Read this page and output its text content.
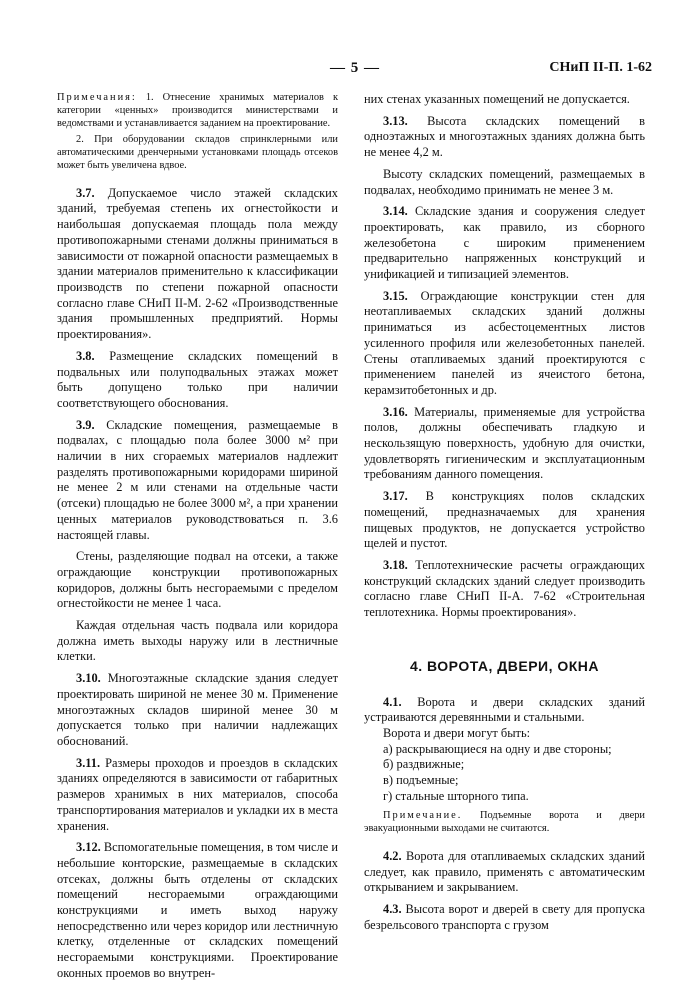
— 5 —	СНиП II-П. 1-62

Примечания: 1. Отнесение хранимых материалов к категории «ценных» производится министерствами и ведомствами и устанавливается заданием на проектирование.

2. При оборудовании складов спринклерными или автоматическими дренчерными установками площадь отсеков может быть увеличена вдвое.

3.7. Допускаемое число этажей складских зданий, требуемая степень их огнестойкости и наибольшая допускаемая площадь пола между противопожарными стенами должны приниматься в зависимости от пожарной опасности размещаемых в здании материалов применительно к классификации производств по степени пожарной опасности согласно главе СНиП II-М. 2-62 «Производственные здания промышленных предприятий. Нормы проектирования».

3.8. Размещение складских помещений в подвальных или полуподвальных этажах может быть допущено только при наличии соответствующего обоснования.

3.9. Складские помещения, размещаемые в подвалах, с площадью пола более 3000 м² при наличии в них сгораемых материалов надлежит разделять противопожарными коридорами шириной не менее 2 м или стенами на отдельные части (отсеки) площадью не более 3000 м², а при хранении ценных материалов руководствоваться п. 3.6 настоящей главы.

Стены, разделяющие подвал на отсеки, а также ограждающие конструкции противопожарных коридоров, должны быть несгораемыми с пределом огнестойкости не менее 1 часа.

Каждая отдельная часть подвала или коридора должна иметь выходы наружу или в лестничные клетки.

3.10. Многоэтажные складские здания следует проектировать шириной не менее 30 м. Применение многоэтажных складов шириной менее 30 м допускается только при наличии надлежащих обоснований.

3.11. Размеры проходов и проездов в складских зданиях определяются в зависимости от габаритных размеров хранимых в них материалов, способа транспортирования материалов и укладки их в места хранения.

3.12. Вспомогательные помещения, в том числе и небольшие конторские, размещаемые в складских отсеках, должны быть отделены от складских помещений несгораемыми ограждающими конструкциями и иметь выход наружу непосредственно или через коридор или лестничную клетку, отделенные от складских помещений несгораемыми конструкциями. Проектирование оконных проемов во внутрен-

них стенах указанных помещений не допускается.

3.13. Высота складских помещений в одноэтажных и многоэтажных зданиях должна быть не менее 4,2 м.

Высоту складских помещений, размещаемых в подвалах, необходимо принимать не менее 3 м.

3.14. Складские здания и сооружения следует проектировать, как правило, из сборного железобетона с широким применением предварительно напряженных конструкций и унификацией и типизацией элементов.

3.15. Ограждающие конструкции стен для неотапливаемых складских зданий должны приниматься из асбестоцементных листов усиленного профиля или железобетонных панелей. Стены отапливаемых зданий проектируются с применением панелей из ячеистого бетона, керамзитобетонных и др.

3.16. Материалы, применяемые для устройства полов, должны обеспечивать гладкую и нескользящую поверхность, удобную для очистки, удовлетворять гигиеническим и эксплуатационным требованиям данного помещения.

3.17. В конструкциях полов складских помещений, предназначаемых для хранения пищевых продуктов, не допускается устройство щелей и пустот.

3.18. Теплотехнические расчеты ограждающих конструкций складских зданий следует производить согласно главе СНиП II-А. 7-62 «Строительная теплотехника. Нормы проектирования».

4. ВОРОТА, ДВЕРИ, ОКНА

4.1. Ворота и двери складских зданий устраиваются деревянными и стальными.

Ворота и двери могут быть:

а) раскрывающиеся на одну и две стороны;

б) раздвижные;

в) подъемные;

г) стальные шторного типа.

Примечание. Подъемные ворота и двери эвакуационными выходами не считаются.

4.2. Ворота для отапливаемых складских зданий следует, как правило, применять с автоматическим открыванием и закрыванием.

4.3. Высота ворот и дверей в свету для пропуска безрельсового транспорта с грузом
